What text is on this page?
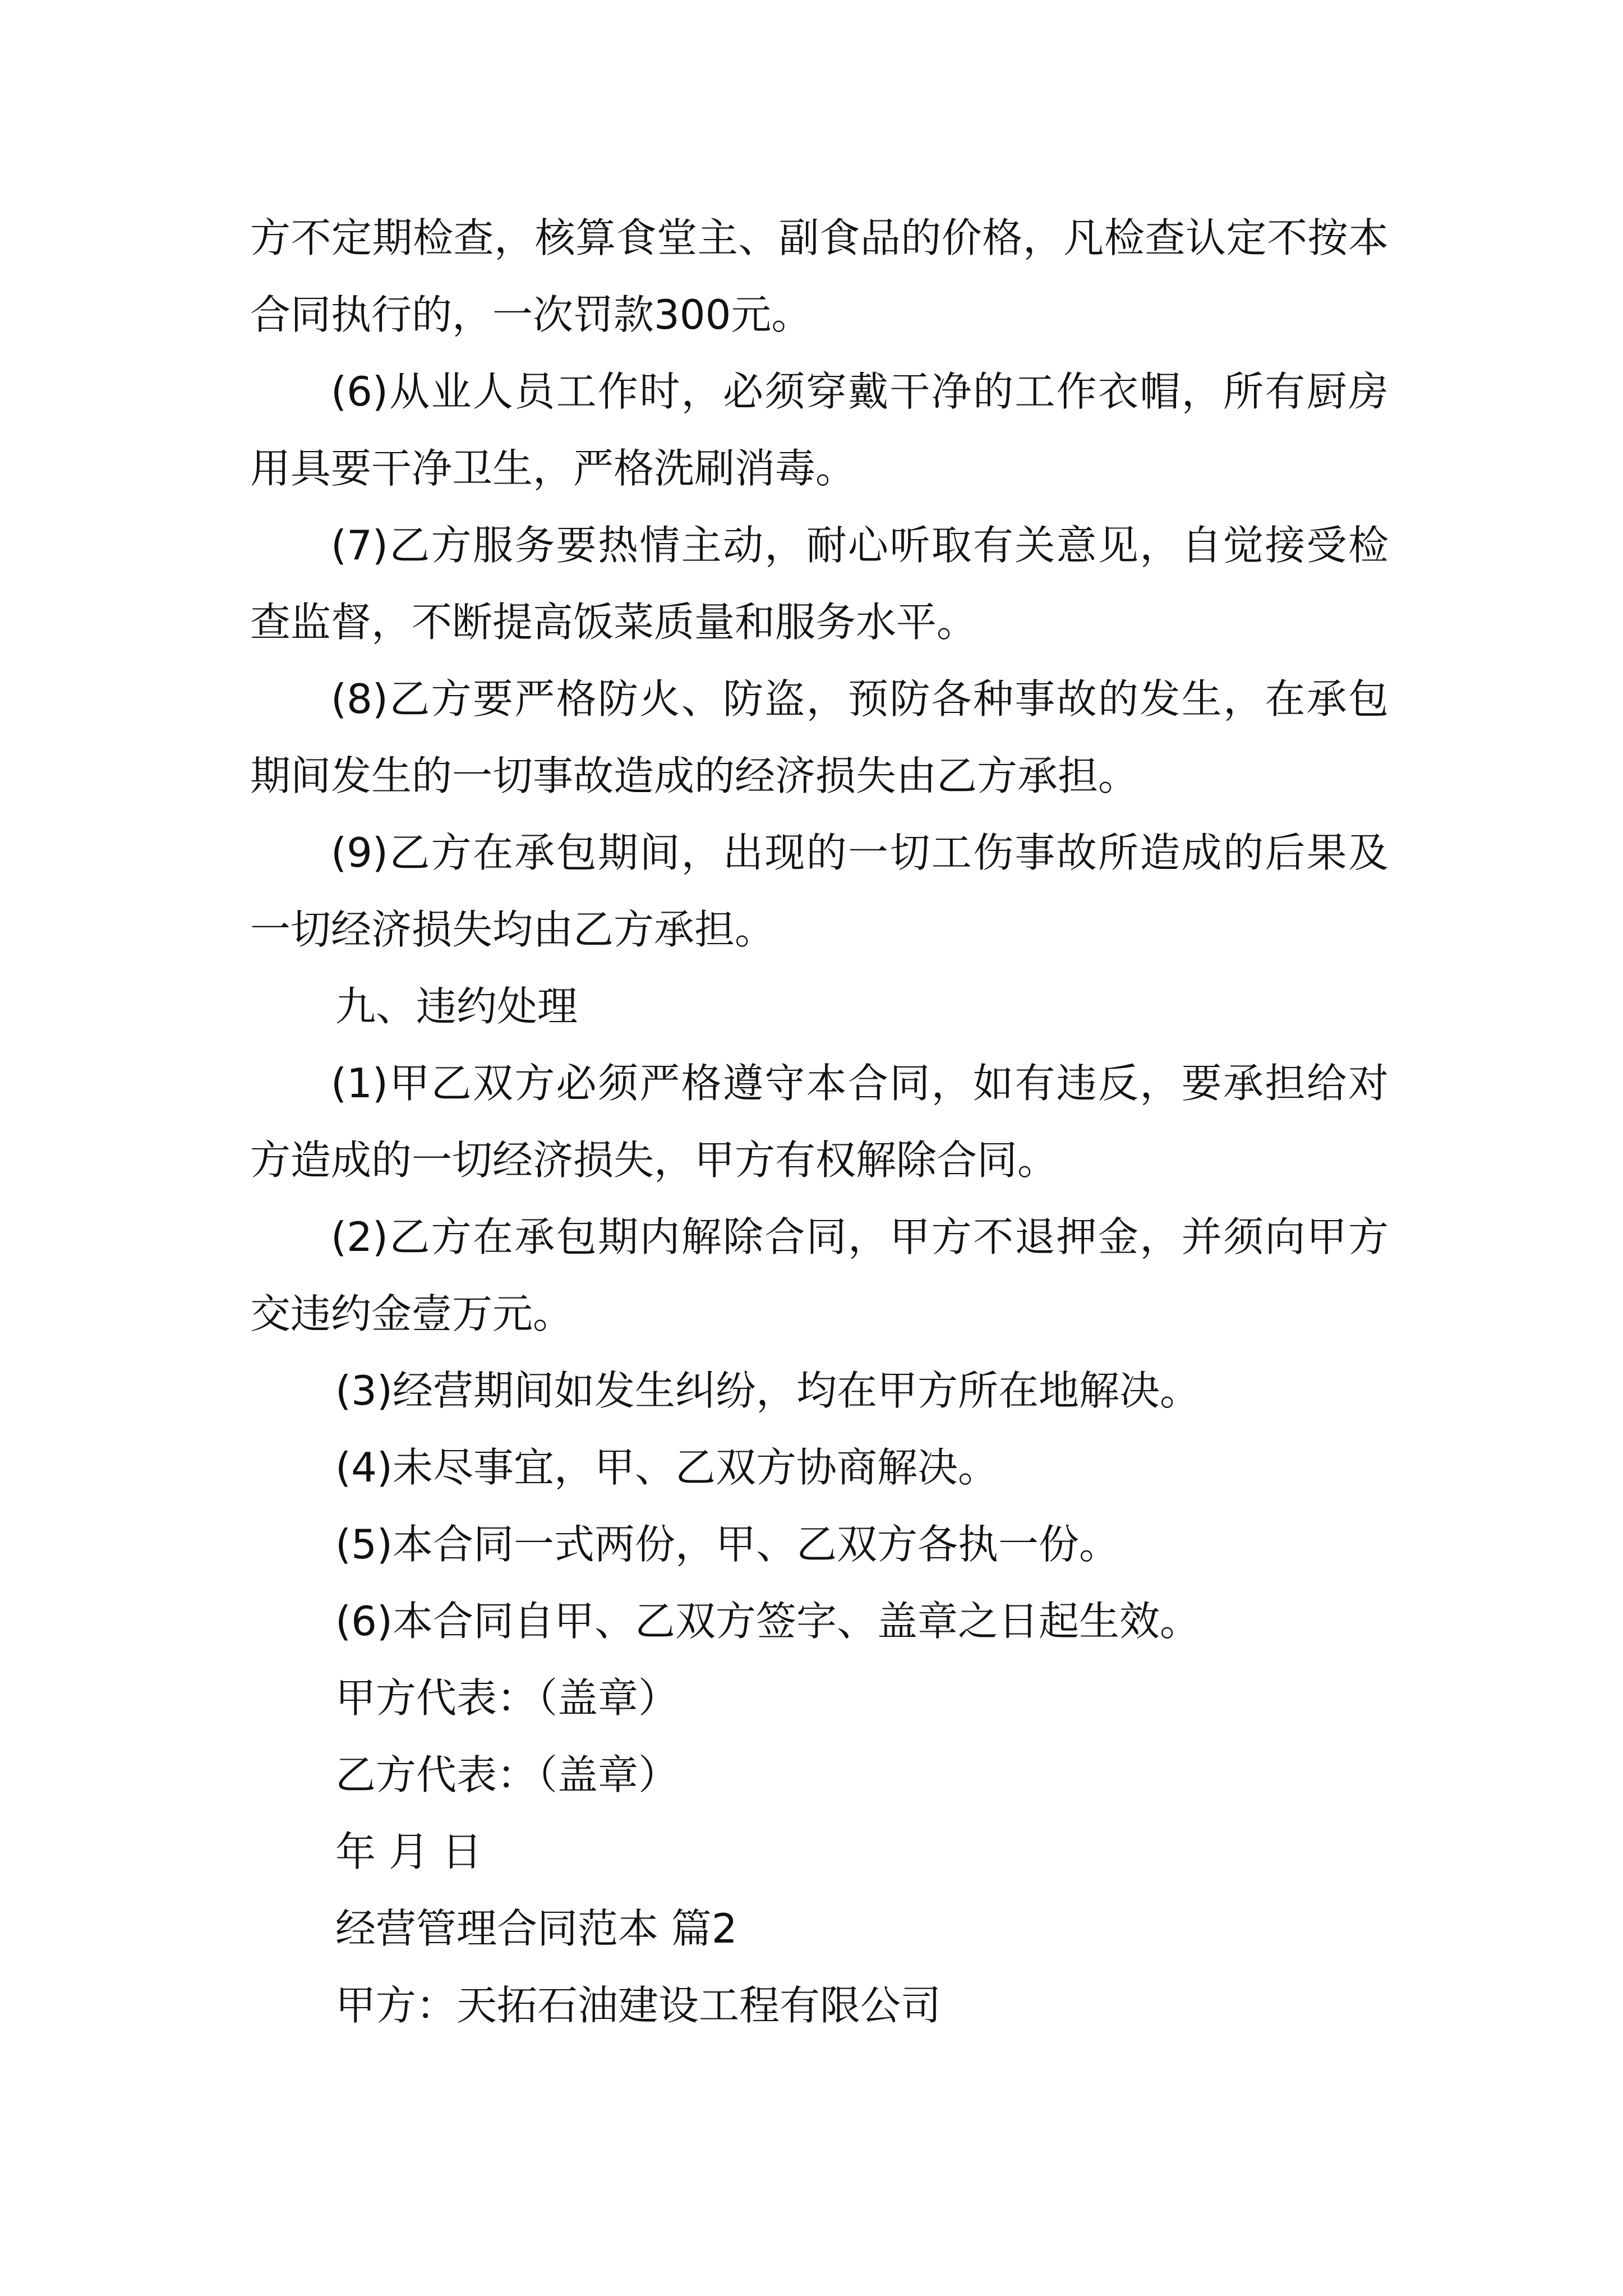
方不定期检查，核算食堂主、副食品的价格，凡检查认定不按本合同执行的，一次罚款300元。

(6)从业人员工作时，必须穿戴干净的工作衣帽，所有厨房用具要干净卫生，严格洗刷消毒。

(7)乙方服务要热情主动，耐心听取有关意见，自觉接受检查监督，不断提高饭菜质量和服务水平。

(8)乙方要严格防火、防盗，预防各种事故的发生，在承包期间发生的一切事故造成的经济损失由乙方承担。

(9)乙方在承包期间，出现的一切工伤事故所造成的后果及一切经济损失均由乙方承担。

九、违约处理

(1)甲乙双方必须严格遵守本合同，如有违反，要承担给对方造成的一切经济损失，甲方有权解除合同。

(2)乙方在承包期内解除合同，甲方不退押金，并须向甲方交违约金壹万元。

(3)经营期间如发生纠纷，均在甲方所在地解决。

(4)未尽事宜，甲、乙双方协商解决。

(5)本合同一式两份，甲、乙双方各执一份。

(6)本合同自甲、乙双方签字、盖章之日起生效。

甲方代表：（盖章）

乙方代表：（盖章）

年 月 日

经营管理合同范本 篇2

甲方：天拓石油建设工程有限公司
